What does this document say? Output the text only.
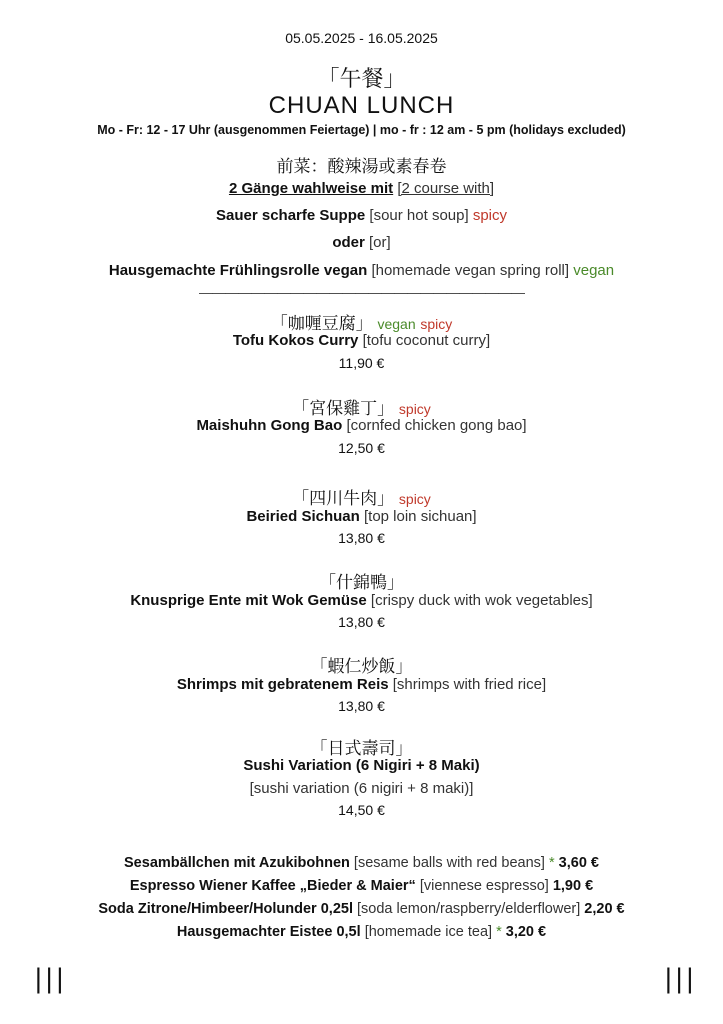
05.05.2025 - 16.05.2025
「午餐」
CHUAN LUNCH
Mo - Fr: 12 - 17 Uhr (ausgenommen Feiertage) | mo - fr : 12 am - 5 pm (holidays excluded)
前菜：酸辣湯或素春卷
2 Gänge wahlweise mit [2 course with]
Sauer scharfe Suppe [sour hot soup] spicy
oder [or]
Hausgemachte Frühlingsrolle vegan [homemade vegan spring roll] vegan
—————————————————————————
「咖喱豆腐」 vegan spicy
Tofu Kokos Curry [tofu coconut curry]
11,90 €
「宮保雞丁」 spicy
Maishuhn Gong Bao [cornfed chicken gong bao]
12,50 €
「四川牛肉」 spicy
Beiried Sichuan [top loin sichuan]
13,80 €
「什錦鴨」
Knusprige Ente mit Wok Gemüse [crispy duck with wok vegetables]
13,80 €
「蝦仁炒飯」
Shrimps mit gebratenem Reis [shrimps with fried rice]
13,80 €
「日式壽司」
Sushi Variation (6 Nigiri + 8 Maki)
[sushi variation (6 nigiri + 8 maki)]
14,50 €
Sesambällchen mit Azukibohnen [sesame balls with red beans] * 3,60 €
Espresso Wiener Kaffee „Bieder & Maier“ [viennese espresso] 1,90 €
Soda Zitrone/Himbeer/Holunder 0,25l [soda lemon/raspberry/elderflower] 2,20 €
Hausgemachter Eistee 0,5l [homemade ice tea] * 3,20 €
|||	|||
